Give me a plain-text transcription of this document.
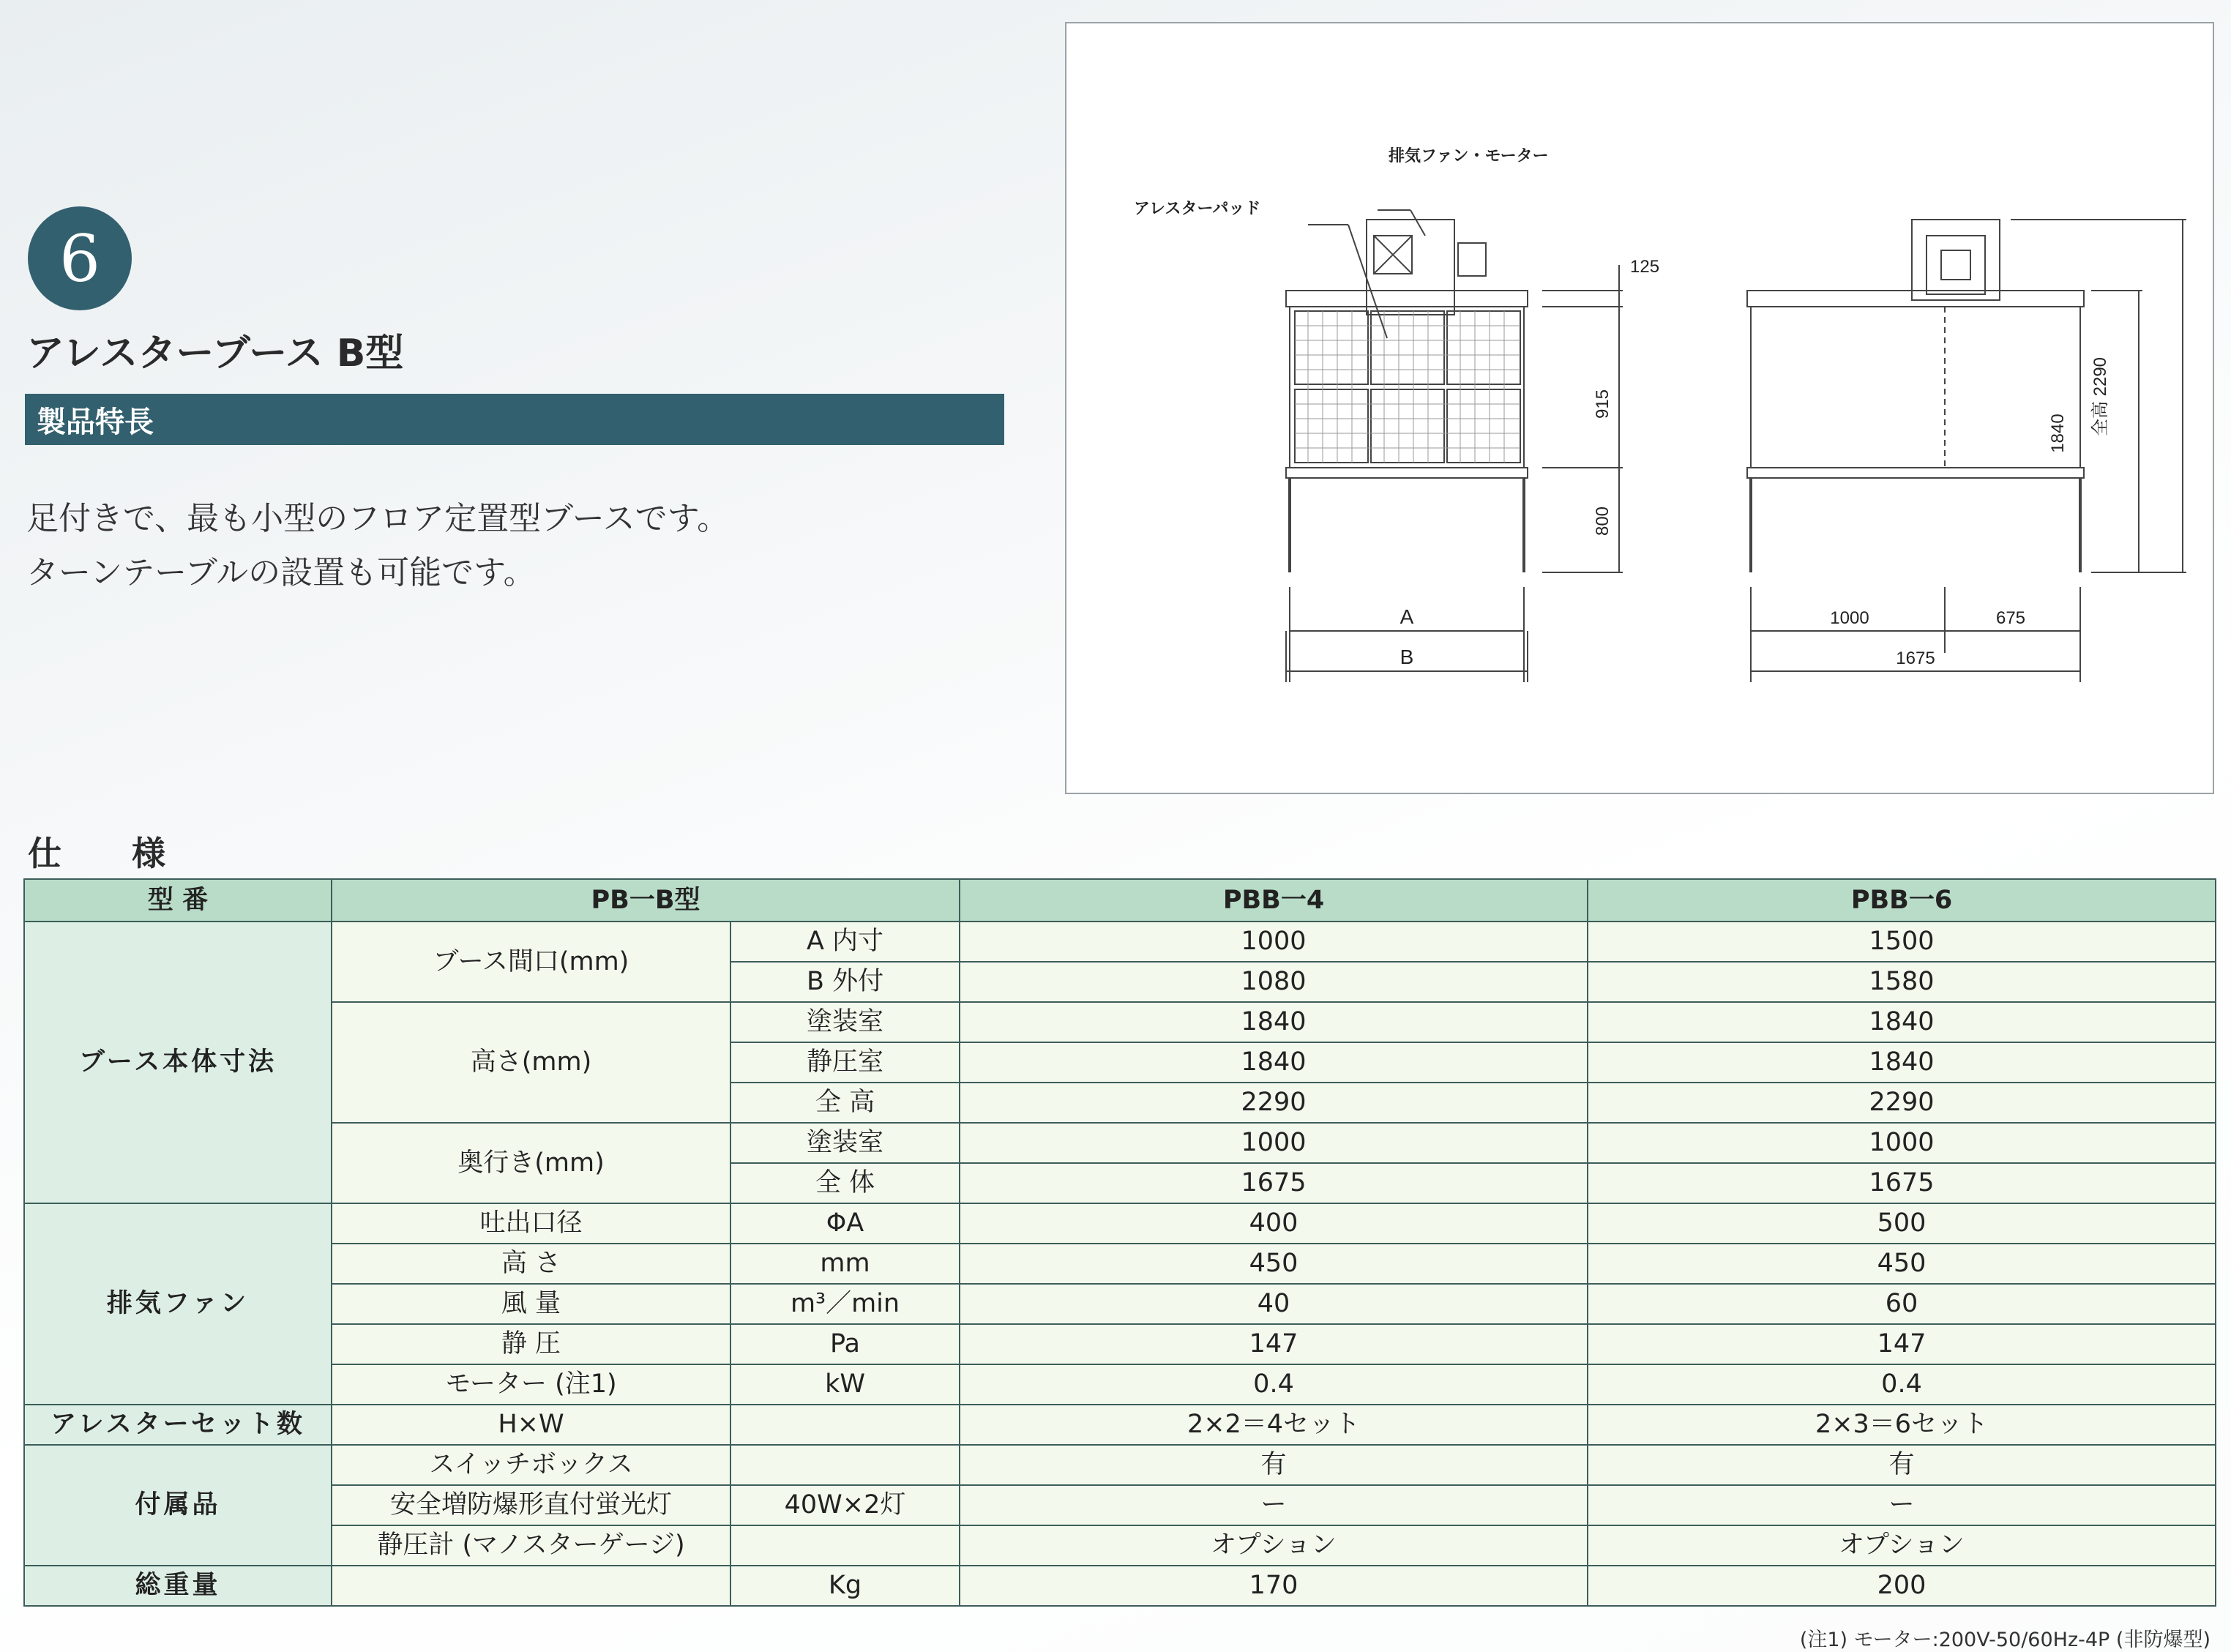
6
アレスターブース B型
製品特長
足付きで、最も小型のフロア定置型ブースです。
ターンテーブルの設置も可能です。
排気ファン・モーター
アレスターパッド
125
915
800
A
B
1840 全高 2290
1000	675
1675
仕 様
型 番	PB一B型		PBB一4	PBB一6
ブース本体寸法	ブース間口(mm)	A 内寸	1000	1500
		B 外付	1080	1580
	高さ(mm)	塗装室	1840	1840
		静圧室	1840	1840
		全 高	2290	2290
	奥行き(mm)	塗装室	1000	1000
		全 体	1675	1675
排気ファン	吐出口径	ΦA	400	500
	高 さ	mm	450	450
	風 量	m³／min	40	60
	静 圧	Pa	147	147
	モーター (注1)	kW	0.4	0.4
アレスターセット数	H×W		2×2＝4セット	2×3＝6セット
付属品	スイッチボックス		有	有
	安全増防爆形直付蛍光灯	40W×2灯	ー	ー
	静圧計 (マノスターゲージ)		オプション	オプション
総重量		Kg	170	200
(注1) モーター:200V-50/60Hz-4P (非防爆型)
